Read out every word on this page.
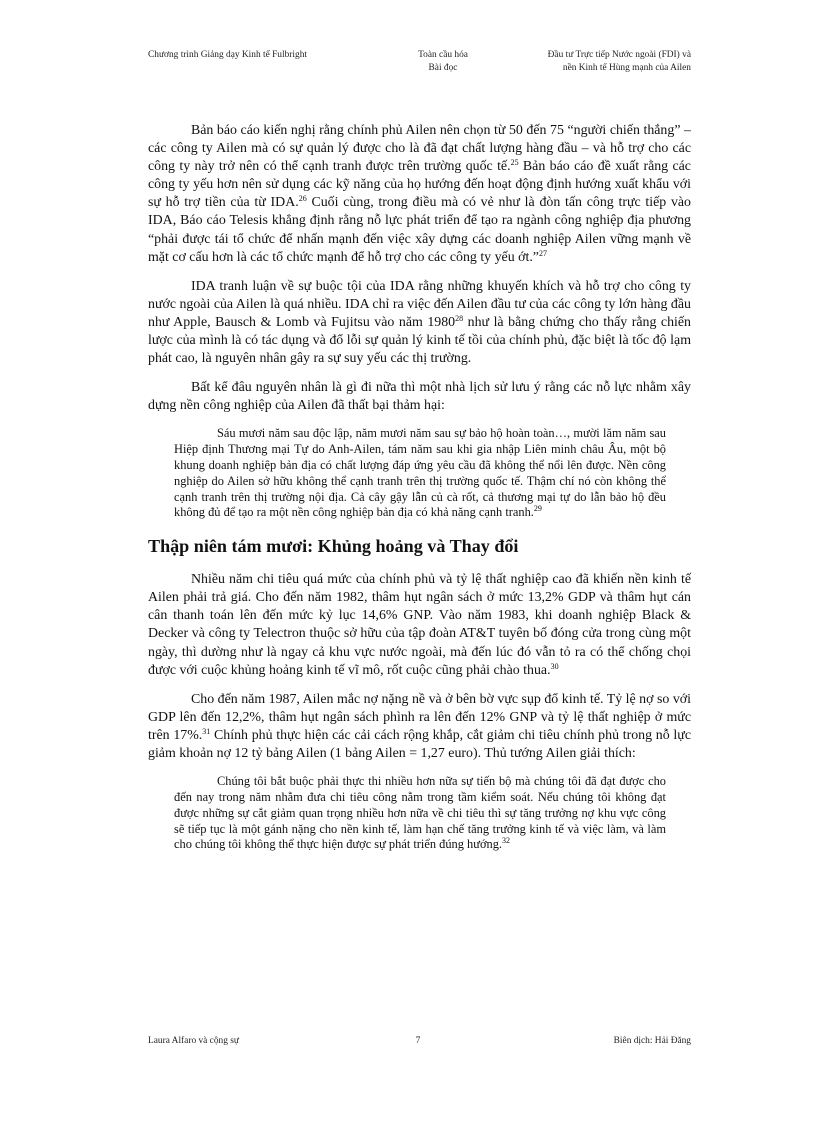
Chương trình Giảng dạy Kinh tế Fulbright	Toàn cầu hóa
Bài đọc
Đầu tư Trực tiếp Nước ngoài (FDI) và
nền Kinh tế Hùng mạnh của Ailen

Bản báo cáo kiến nghị rằng chính phủ Ailen nên chọn từ 50 đến 75 “người chiến thắng” – các công ty Ailen mà có sự quản lý được cho là đã đạt chất lượng hàng đầu – và hỗ trợ cho các công ty này trở nên có thể cạnh tranh được trên trường quốc tế.$^{25}$ Bản báo cáo đề xuất rằng các công ty yếu hơn nên sử dụng các kỹ năng của họ hướng đến hoạt động định hướng xuất khẩu với sự hỗ trợ tiền của từ IDA.$^{26}$ Cuối cùng, trong điều mà có vẻ như là đòn tấn công trực tiếp vào IDA, Báo cáo Telesis khẳng định rằng nỗ lực phát triển để tạo ra ngành công nghiệp địa phương “phải được tái tổ chức để nhấn mạnh đến việc xây dựng các doanh nghiệp Ailen vững mạnh về mặt cơ cấu hơn là các tổ chức mạnh để hỗ trợ cho các công ty yếu ớt.”$^{27}$

IDA tranh luận về sự buộc tội của IDA rằng những khuyến khích và hỗ trợ cho công ty nước ngoài của Ailen là quá nhiều. IDA chỉ ra việc đến Ailen đầu tư của các công ty lớn hàng đầu như Apple, Bausch & Lomb và Fujitsu vào năm 1980$^{28}$ như là bằng chứng cho thấy rằng chiến lược của mình là có tác dụng và đổ lỗi sự quản lý kinh tế tồi của chính phủ, đặc biệt là tốc độ lạm phát cao, là nguyên nhân gây ra sự suy yếu các thị trường.

Bất kể đâu nguyên nhân là gì đi nữa thì một nhà lịch sử lưu ý rằng các nỗ lực nhằm xây dựng nền công nghiệp của Ailen đã thất bại thảm hại:

Sáu mươi năm sau độc lập, năm mươi năm sau sự bảo hộ hoàn toàn…, mười lăm năm sau Hiệp định Thương mại Tự do Anh-Ailen, tám năm sau khi gia nhập Liên minh châu Âu, một bộ khung doanh nghiệp bản địa có chất lượng đáp ứng yêu cầu đã không thể nổi lên được. Nền công nghiệp do Ailen sở hữu không thể cạnh tranh trên thị trường quốc tế. Thậm chí nó còn không thể cạnh tranh trên thị trường nội địa. Cả cây gậy lẫn củ cà rốt, cả thương mại tự do lẫn bảo hộ đều không đủ để tạo ra một nền công nghiệp bản địa có khả năng cạnh tranh.$^{29}$
Thập niên tám mươi: Khủng hoảng và Thay đổi

Nhiều năm chi tiêu quá mức của chính phủ và tỷ lệ thất nghiệp cao đã khiến nền kinh tế Ailen phải trả giá. Cho đến năm 1982, thâm hụt ngân sách ở mức 13,2% GDP và thâm hụt cán cân thanh toán lên đến mức kỷ lục 14,6% GNP. Vào năm 1983, khi doanh nghiệp Black & Decker và công ty Telectron thuộc sở hữu của tập đoàn AT&T tuyên bố đóng cửa trong cùng một ngày, thì dường như là ngay cả khu vực nước ngoài, mà đến lúc đó vẫn tỏ ra có thể chống chọi được với cuộc khủng hoảng kinh tế vĩ mô, rốt cuộc cũng phải chào thua.$^{30}$

Cho đến năm 1987, Ailen mắc nợ nặng nề và ở bên bờ vực sụp đổ kinh tế. Tỷ lệ nợ so với GDP lên đến 12,2%, thâm hụt ngân sách phình ra lên đến 12% GNP và tỷ lệ thất nghiệp ở mức trên 17%.$^{31}$ Chính phủ thực hiện các cải cách rộng khắp, cắt giảm chi tiêu chính phủ trong nỗ lực giảm khoản nợ 12 tỷ bảng Ailen (1 bảng Ailen = 1,27 euro). Thủ tướng Ailen giải thích:

Chúng tôi bắt buộc phải thực thi nhiều hơn nữa sự tiến bộ mà chúng tôi đã đạt được cho đến nay trong năm nhằm đưa chi tiêu công nằm trong tầm kiểm soát. Nếu chúng tôi không đạt được những sự cắt giảm quan trọng nhiều hơn nữa về chi tiêu thì sự tăng trưởng nợ khu vực công sẽ tiếp tục là một gánh nặng cho nền kinh tế, làm hạn chế tăng trưởng kinh tế và việc làm, và làm cho chúng tôi không thể thực hiện được sự phát triển đúng hướng.$^{32}$
Laura Alfaro và cộng sự	7	Biên dịch: Hải Đăng
